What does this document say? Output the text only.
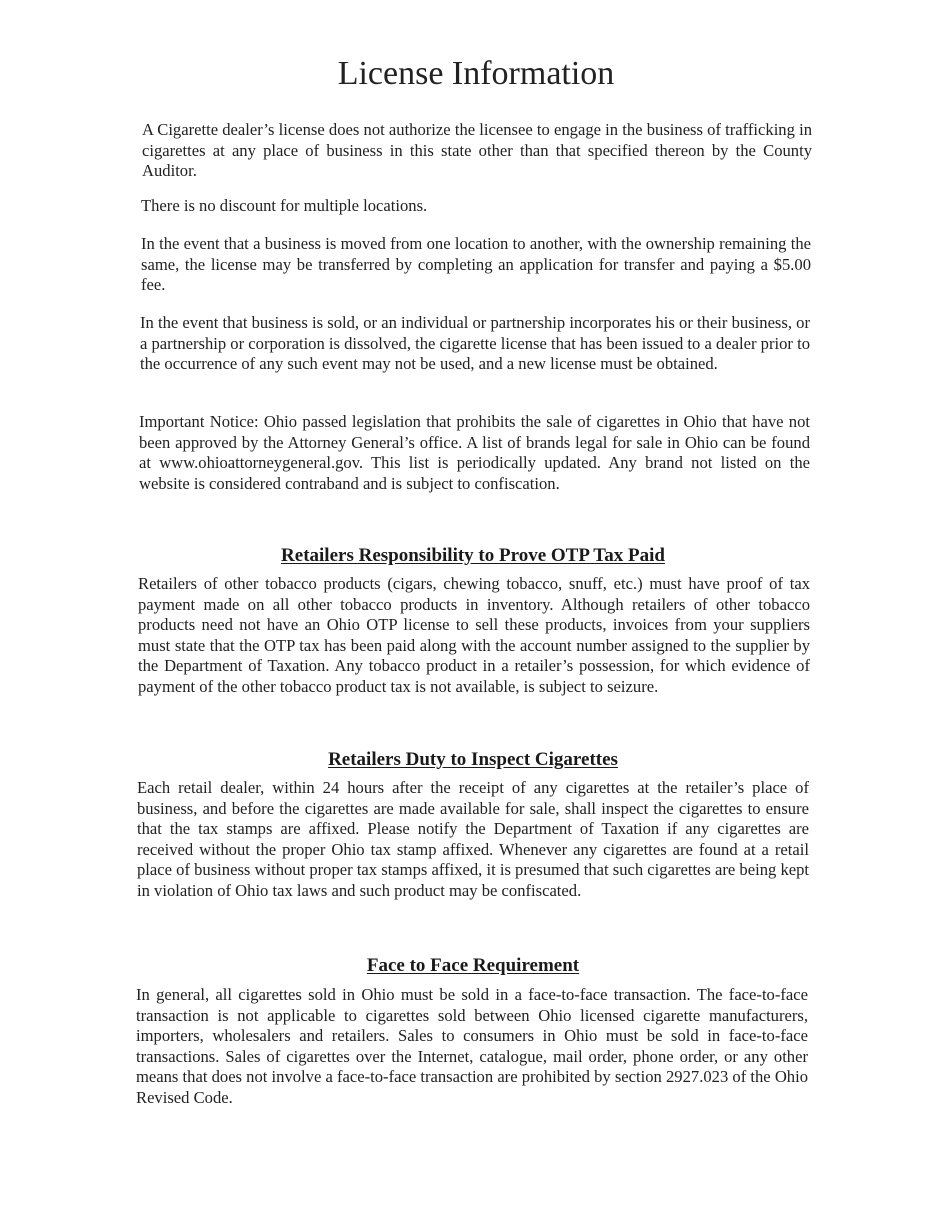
License Information

A Cigarette dealer’s license does not authorize the licensee to engage in the business of trafficking in cigarettes at any place of business in this state other than that specified thereon by the County Auditor.

There is no discount for multiple locations.

In the event that a business is moved from one location to another, with the ownership remaining the same, the license may be transferred by completing an application for transfer and paying a $5.00 fee.

In the event that business is sold, or an individual or partnership incorporates his or their business, or a partnership or corporation is dissolved, the cigarette license that has been issued to a dealer prior to the occurrence of any such event may not be used, and a new license must be obtained.

Important Notice: Ohio passed legislation that prohibits the sale of cigarettes in Ohio that have not been approved by the Attorney General’s office. A list of brands legal for sale in Ohio can be found at www.ohioattorneygeneral.gov. This list is periodically updated. Any brand not listed on the website is considered contraband and is subject to confiscation.

Retailers Responsibility to Prove OTP Tax Paid

Retailers of other tobacco products (cigars, chewing tobacco, snuff, etc.) must have proof of tax payment made on all other tobacco products in inventory. Although retailers of other tobacco products need not have an Ohio OTP license to sell these products, invoices from your suppliers must state that the OTP tax has been paid along with the account number assigned to the supplier by the Department of Taxation. Any tobacco product in a retailer’s possession, for which evidence of payment of the other tobacco product tax is not available, is subject to seizure.

Retailers Duty to Inspect Cigarettes

Each retail dealer, within 24 hours after the receipt of any cigarettes at the retailer’s place of business, and before the cigarettes are made available for sale, shall inspect the cigarettes to ensure that the tax stamps are affixed. Please notify the Department of Taxation if any cigarettes are received without the proper Ohio tax stamp affixed. Whenever any cigarettes are found at a retail place of business without proper tax stamps affixed, it is presumed that such cigarettes are being kept in violation of Ohio tax laws and such product may be confiscated.

Face to Face Requirement

In general, all cigarettes sold in Ohio must be sold in a face-to-face transaction. The face-to-face transaction is not applicable to cigarettes sold between Ohio licensed cigarette manufacturers, importers, wholesalers and retailers. Sales to consumers in Ohio must be sold in face-to-face transactions. Sales of cigarettes over the Internet, catalogue, mail order, phone order, or any other means that does not involve a face-to-face transaction are prohibited by section 2927.023 of the Ohio Revised Code.
